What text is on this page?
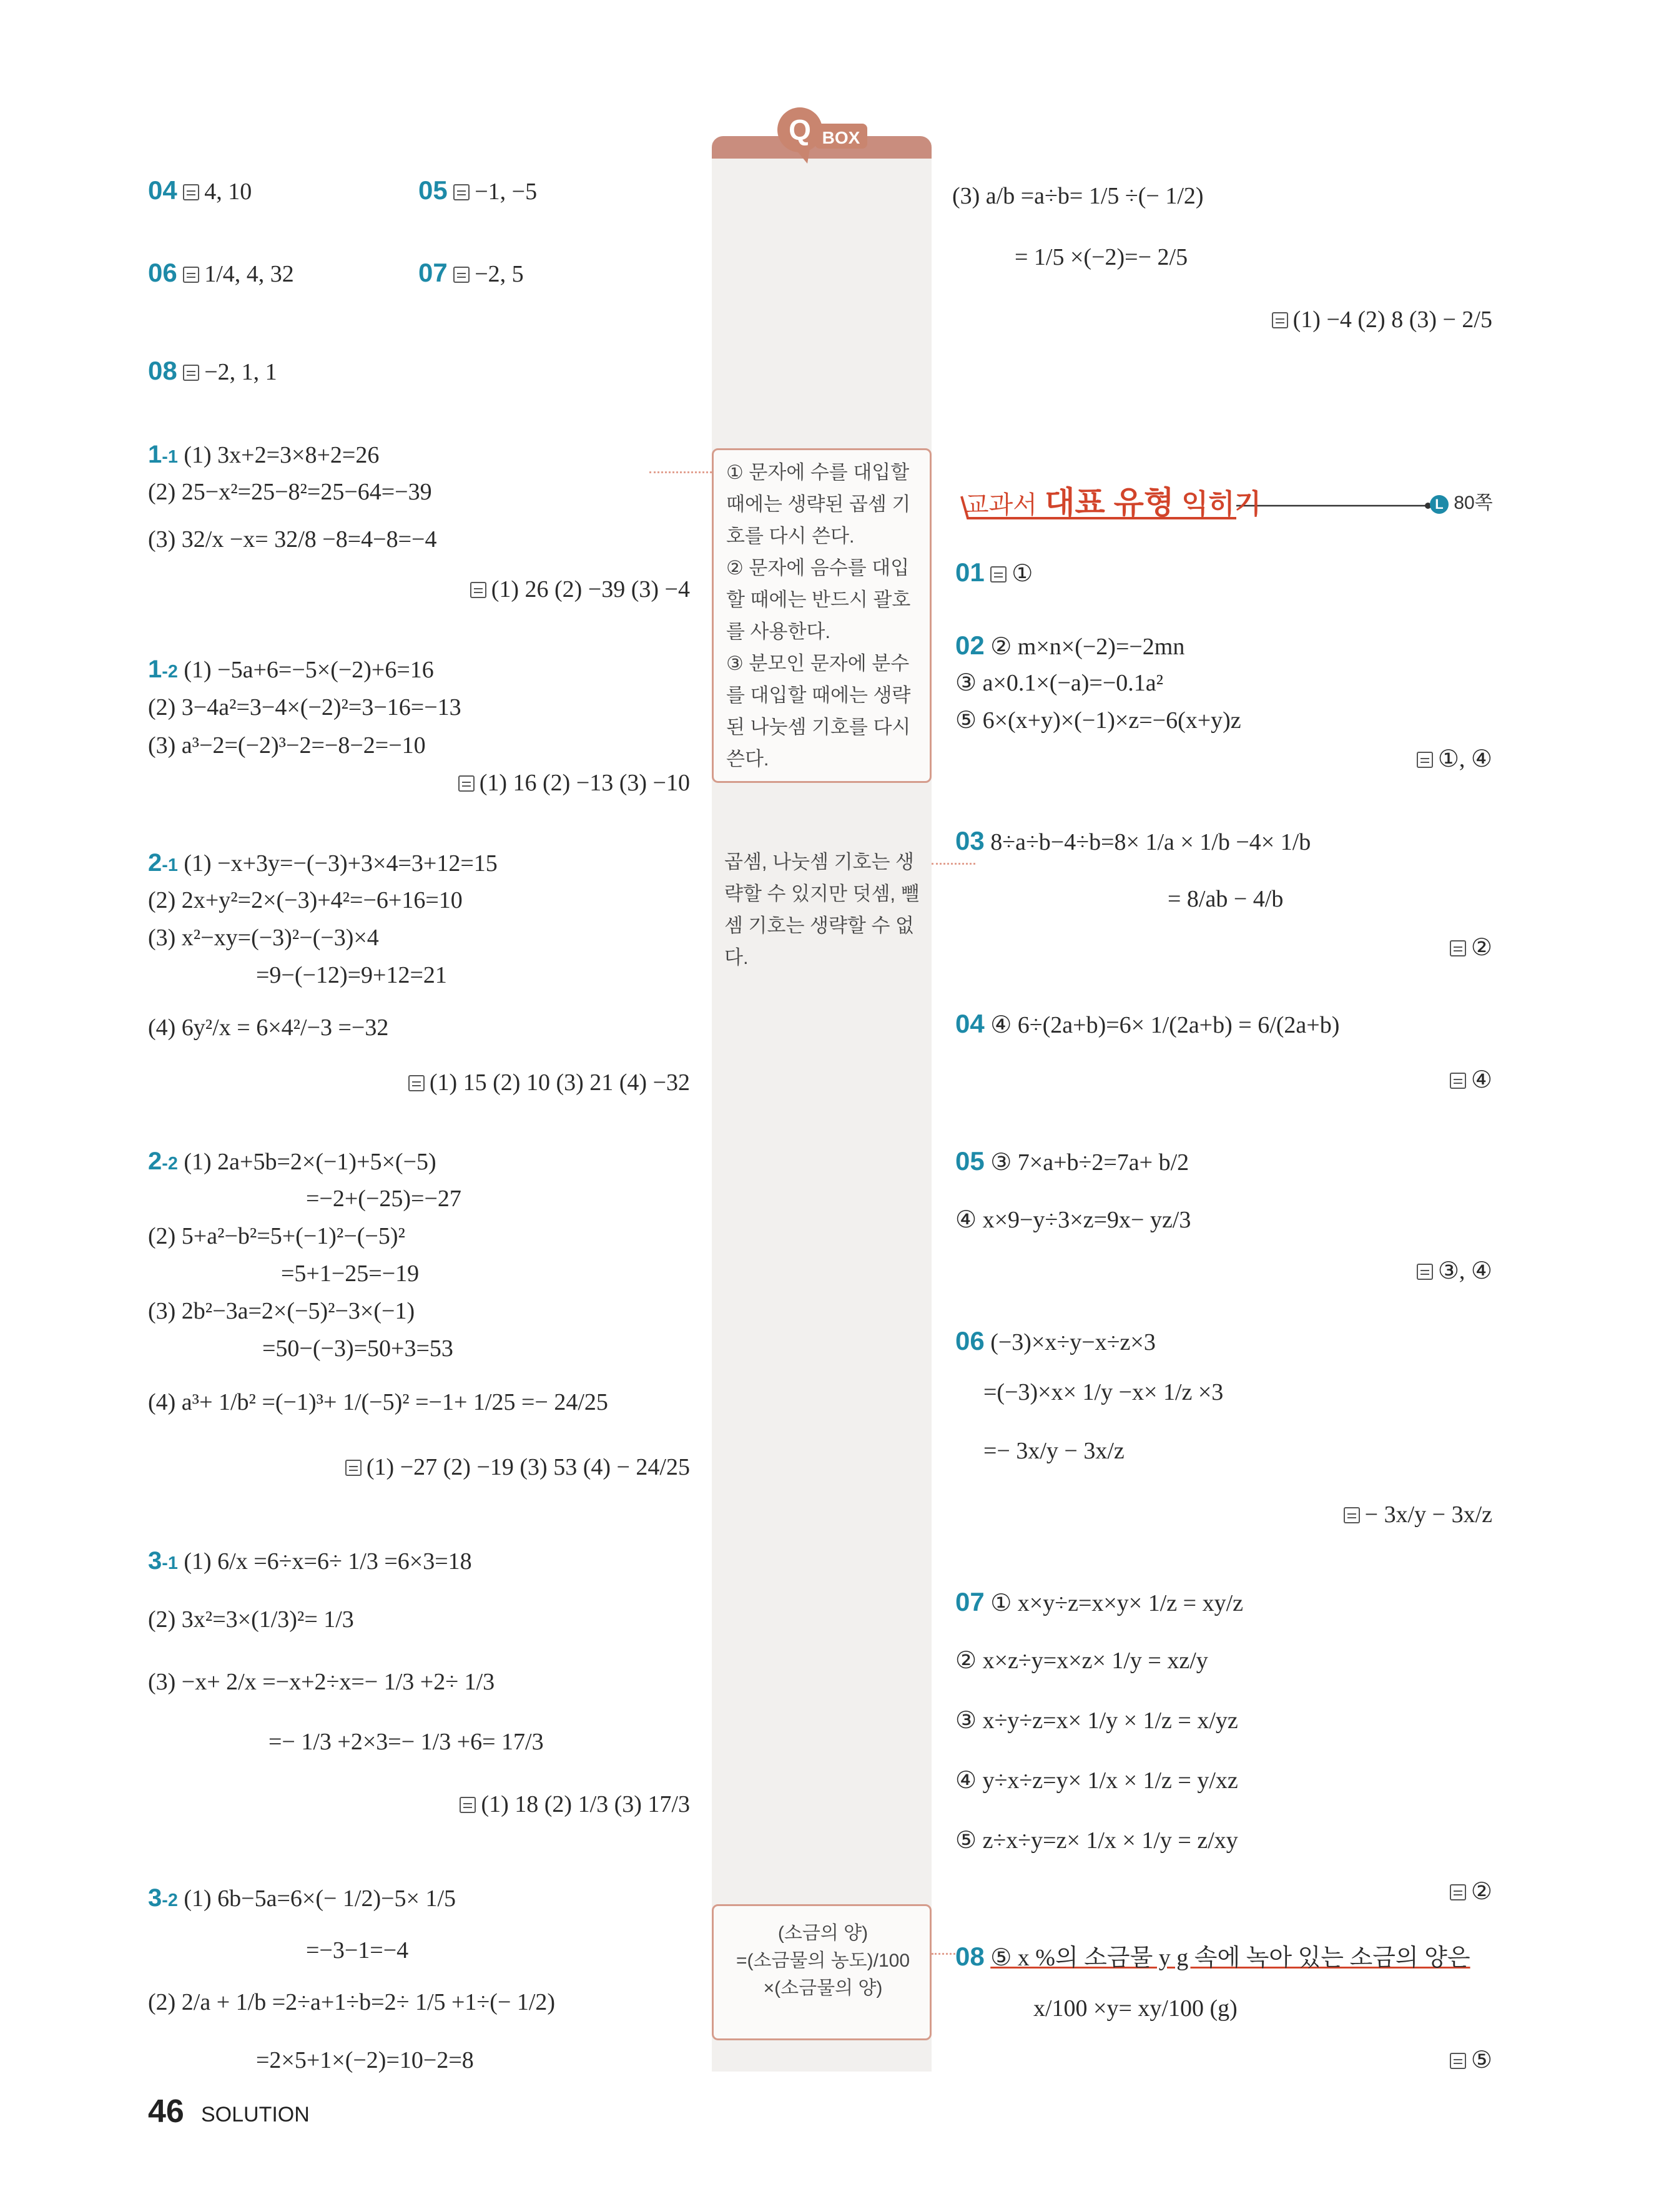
Q BOX

① 문자에 수를 대입할 때에는 생략된 곱셈 기호를 다시 쓴다.

② 문자에 음수를 대입할 때에는 반드시 괄호를 사용한다.

③ 분모인 문자에 분수를 대입할 때에는 생략된 나눗셈 기호를 다시 쓴다.

곱셈, 나눗셈 기호는 생략할 수 있지만 덧셈, 뺄셈 기호는 생략할 수 없다.

(소금의 양)

=(소금물의 농도)/100

×(소금물의 양)

04 4, 10	05 −1, −5
06 1/4, 4, 32	07 −2, 5
08 −2, 1, 1
1-1 (1) 3x+2=3×8+2=26
(2) 25−x²=25−8²=25−64=−39
(3) 32/x −x= 32/8 −8=4−8=−4
(1) 26 (2) −39 (3) −4
1-2 (1) −5a+6=−5×(−2)+6=16
(2) 3−4a²=3−4×(−2)²=3−16=−13
(3) a³−2=(−2)³−2=−8−2=−10
(1) 16 (2) −13 (3) −10
2-1 (1) −x+3y=−(−3)+3×4=3+12=15
(2) 2x+y²=2×(−3)+4²=−6+16=10
(3) x²−xy=(−3)²−(−3)×4
=9−(−12)=9+12=21
(4) 6y²/x = 6×4²/−3 =−32
(1) 15 (2) 10 (3) 21 (4) −32
2-2 (1) 2a+5b=2×(−1)+5×(−5)
=−2+(−25)=−27
(2) 5+a²−b²=5+(−1)²−(−5)²
=5+1−25=−19
(3) 2b²−3a=2×(−5)²−3×(−1)
=50−(−3)=50+3=53
(4) a³+ 1/b² =(−1)³+ 1/(−5)² =−1+ 1/25 =− 24/25
(1) −27 (2) −19 (3) 53 (4) − 24/25
3-1 (1) 6/x =6÷x=6÷ 1/3 =6×3=18
(2) 3x²=3×(1/3)²= 1/3
(3) −x+ 2/x =−x+2÷x=− 1/3 +2÷ 1/3
=− 1/3 +2×3=− 1/3 +6= 17/3
(1) 18 (2) 1/3 (3) 17/3
3-2 (1) 6b−5a=6×(− 1/2)−5× 1/5
=−3−1=−4
(2) 2/a + 1/b =2÷a+1÷b=2÷ 1/5 +1÷(− 1/2)
=2×5+1×(−2)=10−2=8
(3) a/b =a÷b= 1/5 ÷(− 1/2)
= 1/5 ×(−2)=− 2/5
(1) −4 (2) 8 (3) − 2/5
교과서 대표 유형 익히기	L 80쪽
01 ①
02 ② m×n×(−2)=−2mn
③ a×0.1×(−a)=−0.1a²
⑤ 6×(x+y)×(−1)×z=−6(x+y)z
①, ④
03 8÷a÷b−4÷b=8× 1/a × 1/b −4× 1/b
= 8/ab − 4/b
②
04 ④ 6÷(2a+b)=6× 1/(2a+b) = 6/(2a+b)
④
05 ③ 7×a+b÷2=7a+ b/2
④ x×9−y÷3×z=9x− yz/3
③, ④
06 (−3)×x÷y−x÷z×3
=(−3)×x× 1/y −x× 1/z ×3
=− 3x/y − 3x/z
− 3x/y − 3x/z
07 ① x×y÷z=x×y× 1/z = xy/z
② x×z÷y=x×z× 1/y = xz/y
③ x÷y÷z=x× 1/y × 1/z = x/yz
④ y÷x÷z=y× 1/x × 1/z = y/xz
⑤ z÷x÷y=z× 1/x × 1/y = z/xy
②
08 ⑤ x %의 소금물 y g 속에 녹아 있는 소금의 양은
x/100 ×y= xy/100 (g)
⑤
46 SOLUTION
